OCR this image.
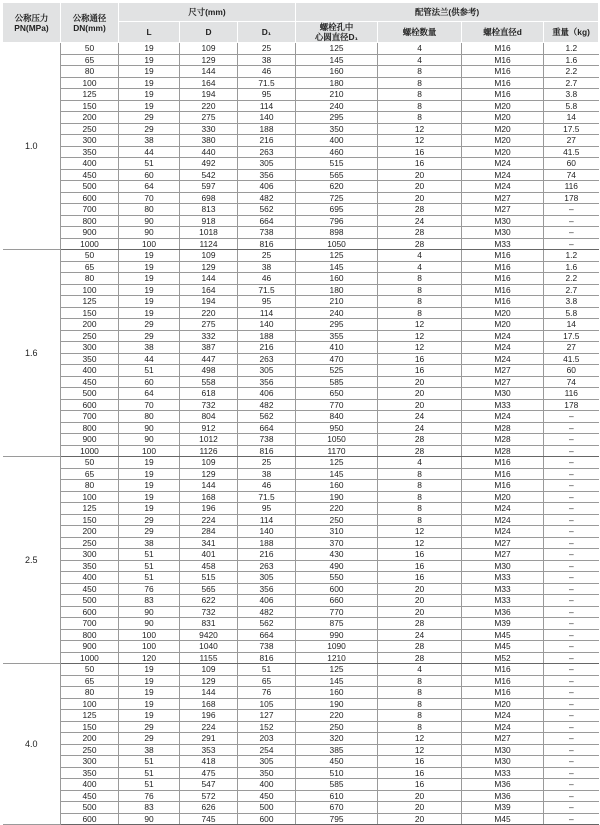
公称压力
PN(MPa)	公称通径
DN(mm)	尺寸(mm)			配管法兰(供参考)			
		L	D	D₁	螺栓孔中
心圆直径D₁	螺栓数量	螺栓直径d	重量（kg)
1.0	50	19	109	25	125	4	M16	1.2
	65	19	129	38	145	4	M16	1.6
	80	19	144	46	160	8	M16	2.2
	100	19	164	71.5	180	8	M16	2.7
	125	19	194	95	210	8	M16	3.8
	150	19	220	114	240	8	M20	5.8
	200	29	275	140	295	8	M20	14
	250	29	330	188	350	12	M20	17.5
	300	38	380	216	400	12	M20	27
	350	44	440	263	460	16	M20	41.5
	400	51	492	305	515	16	M24	60
	450	60	542	356	565	20	M24	74
	500	64	597	406	620	20	M24	116
	600	70	698	482	725	20	M27	178
	700	80	813	562	695	28	M27	–
	800	90	918	664	796	24	M30	–
	900	90	1018	738	898	28	M30	–
	1000	100	1124	816	1050	28	M33	–
1.6	50	19	109	25	125	4	M16	1.2
	65	19	129	38	145	4	M16	1.6
	80	19	144	46	160	8	M16	2.2
	100	19	164	71.5	180	8	M16	2.7
	125	19	194	95	210	8	M16	3.8
	150	19	220	114	240	8	M20	5.8
	200	29	275	140	295	12	M20	14
	250	29	332	188	355	12	M24	17.5
	300	38	387	216	410	12	M24	27
	350	44	447	263	470	16	M24	41.5
	400	51	498	305	525	16	M27	60
	450	60	558	356	585	20	M27	74
	500	64	618	406	650	20	M30	116
	600	70	732	482	770	20	M33	178
	700	80	804	562	840	24	M24	–
	800	90	912	664	950	24	M28	–
	900	90	1012	738	1050	28	M28	–
	1000	100	1126	816	1170	28	M28	–
2.5	50	19	109	25	125	4	M16	–
	65	19	129	38	145	8	M16	–
	80	19	144	46	160	8	M16	–
	100	19	168	71.5	190	8	M20	–
	125	19	196	95	220	8	M24	–
	150	29	224	114	250	8	M24	–
	200	29	284	140	310	12	M24	–
	250	38	341	188	370	12	M27	–
	300	51	401	216	430	16	M27	–
	350	51	458	263	490	16	M30	–
	400	51	515	305	550	16	M33	–
	450	76	565	356	600	20	M33	–
	500	83	622	406	660	20	M33	–
	600	90	732	482	770	20	M36	–
	700	90	831	562	875	28	M39	–
	800	100	9420	664	990	24	M45	–
	900	100	1040	738	1090	28	M45	–
	1000	120	1155	816	1210	28	M52	–
4.0	50	19	109	51	125	4	M16	–
	65	19	129	65	145	8	M16	–
	80	19	144	76	160	8	M16	–
	100	19	168	105	190	8	M20	–
	125	19	196	127	220	8	M24	–
	150	29	224	152	250	8	M24	–
	200	29	291	203	320	12	M27	–
	250	38	353	254	385	12	M30	–
	300	51	418	305	450	16	M30	–
	350	51	475	350	510	16	M33	–
	400	51	547	400	585	16	M36	–
	450	76	572	450	610	20	M36	–
	500	83	626	500	670	20	M39	–
	600	90	745	600	795	20	M45	–
